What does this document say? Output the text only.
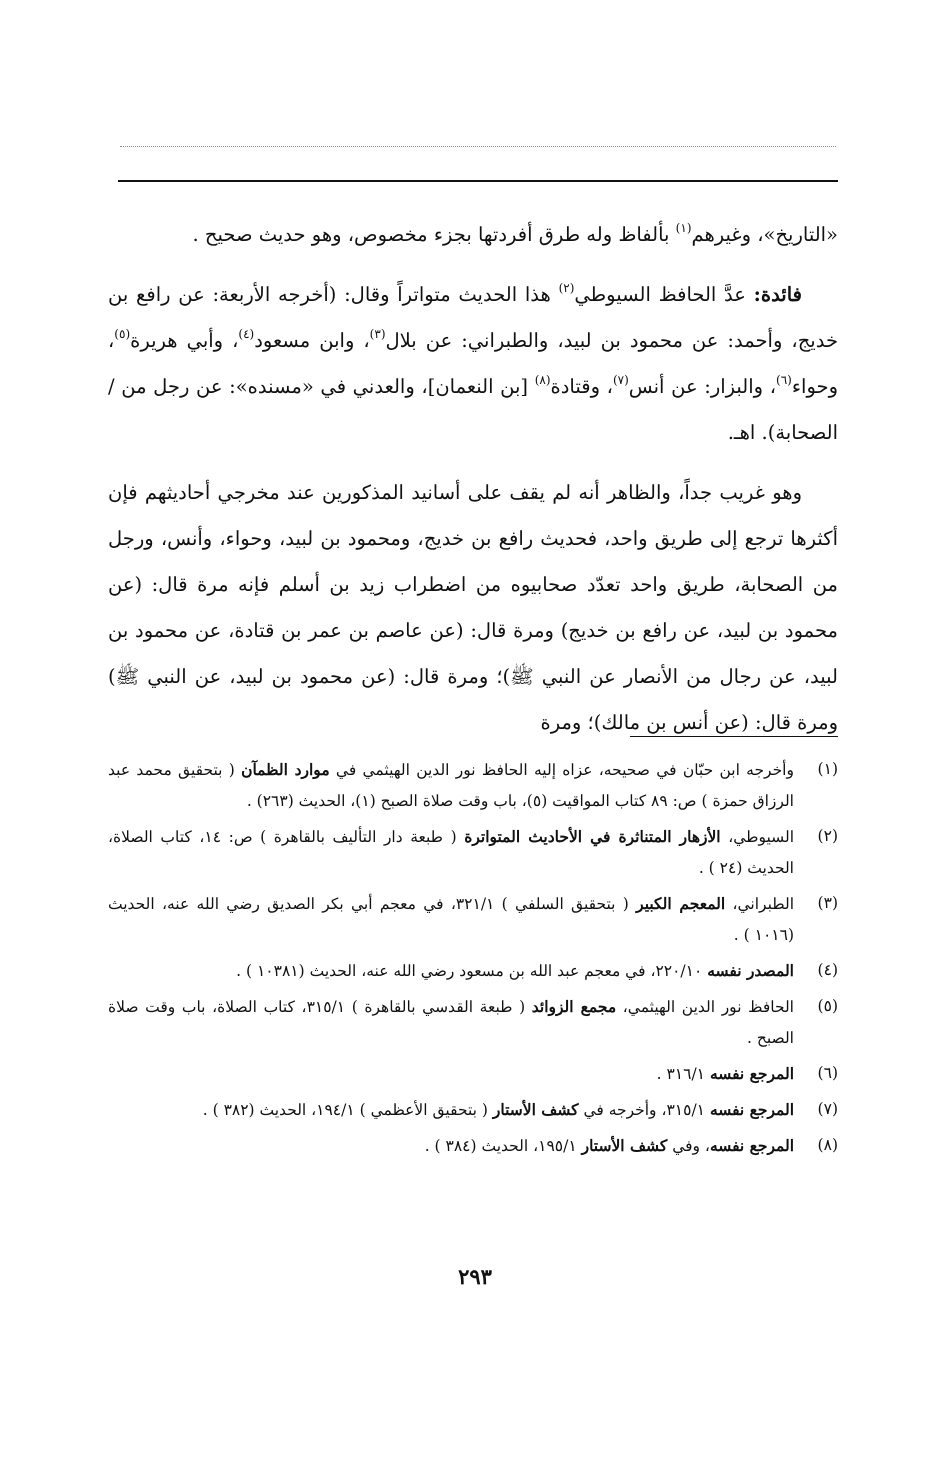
«التاريخ»، وغيرهم$^{(١)}$ بألفاظ وله طرق أفردتها بجزء مخصوص، وهو حديث صحيح .

فائدة: عدَّ الحافظ السيوطي$^{(٢)}$ هذا الحديث متواتراً وقال: (أخرجه الأربعة: عن رافع بن خديج، وأحمد: عن محمود بن لبيد، والطبراني: عن بلال$^{(٣)}$، وابن مسعود$^{(٤)}$، وأبي هريرة$^{(٥)}$، وحواء$^{(٦)}$، والبزار: عن أنس$^{(٧)}$، وقتادة$^{(٨)}$ [بن النعمان]، والعدني في «مسنده»: عن رجل من /الصحابة). اهـ.

وهو غريب جداً، والظاهر أنه لم يقف على أسانيد المذكورين عند مخرجي أحاديثهم فإن أكثرها ترجع إلى طريق واحد، فحديث رافع بن خديج، ومحمود بن لبيد، وحواء، وأنس، ورجل من الصحابة، طريق واحد تعدّد صحابيوه من اضطراب زيد بن أسلم فإنه مرة قال: (عن محمود بن لبيد، عن رافع بن خديج) ومرة قال: (عن عاصم بن عمر بن قتادة، عن محمود بن لبيد، عن رجال من الأنصار عن النبي ﷺ)؛ ومرة قال: (عن محمود بن لبيد، عن النبي ﷺ) ومرة قال: (عن أنس بن مالك)؛ ومرة

(١)
وأخرجه ابن حبّان في صحيحه، عزاه إليه الحافظ نور الدين الهيثمي في موارد الظمآن ( بتحقيق محمد عبد الرزاق حمزة ) ص: ٨٩ كتاب المواقيت (٥)، باب وقت صلاة الصبح (١)، الحديث (٢٦٣) .
(٢)
السيوطي، الأزهار المتناثرة في الأحاديث المتواترة ( طبعة دار التأليف بالقاهرة ) ص: ١٤، كتاب الصلاة، الحديث (٢٤ ) .
(٣)
الطبراني، المعجم الكبير ( بتحقيق السلفي ) ٣٢١/١، في معجم أبي بكر الصديق رضي الله عنه، الحديث (١٠١٦ ) .
(٤)
المصدر نفسه ٢٢٠/١٠، في معجم عبد الله بن مسعود رضي الله عنه، الحديث (١٠٣٨١ ) .
(٥)
الحافظ نور الدين الهيثمي، مجمع الزوائد ( طبعة القدسي بالقاهرة ) ٣١٥/١، كتاب الصلاة، باب وقت صلاة الصبح .
(٦)
المرجع نفسه ٣١٦/١ .
(٧)
المرجع نفسه ٣١٥/١، وأخرجه في كشف الأستار ( بتحقيق الأعظمي ) ١٩٤/١، الحديث (٣٨٢ ) .
(٨)
المرجع نفسه، وفي كشف الأستار ١٩٥/١، الحديث (٣٨٤ ) .
٢٩٣
